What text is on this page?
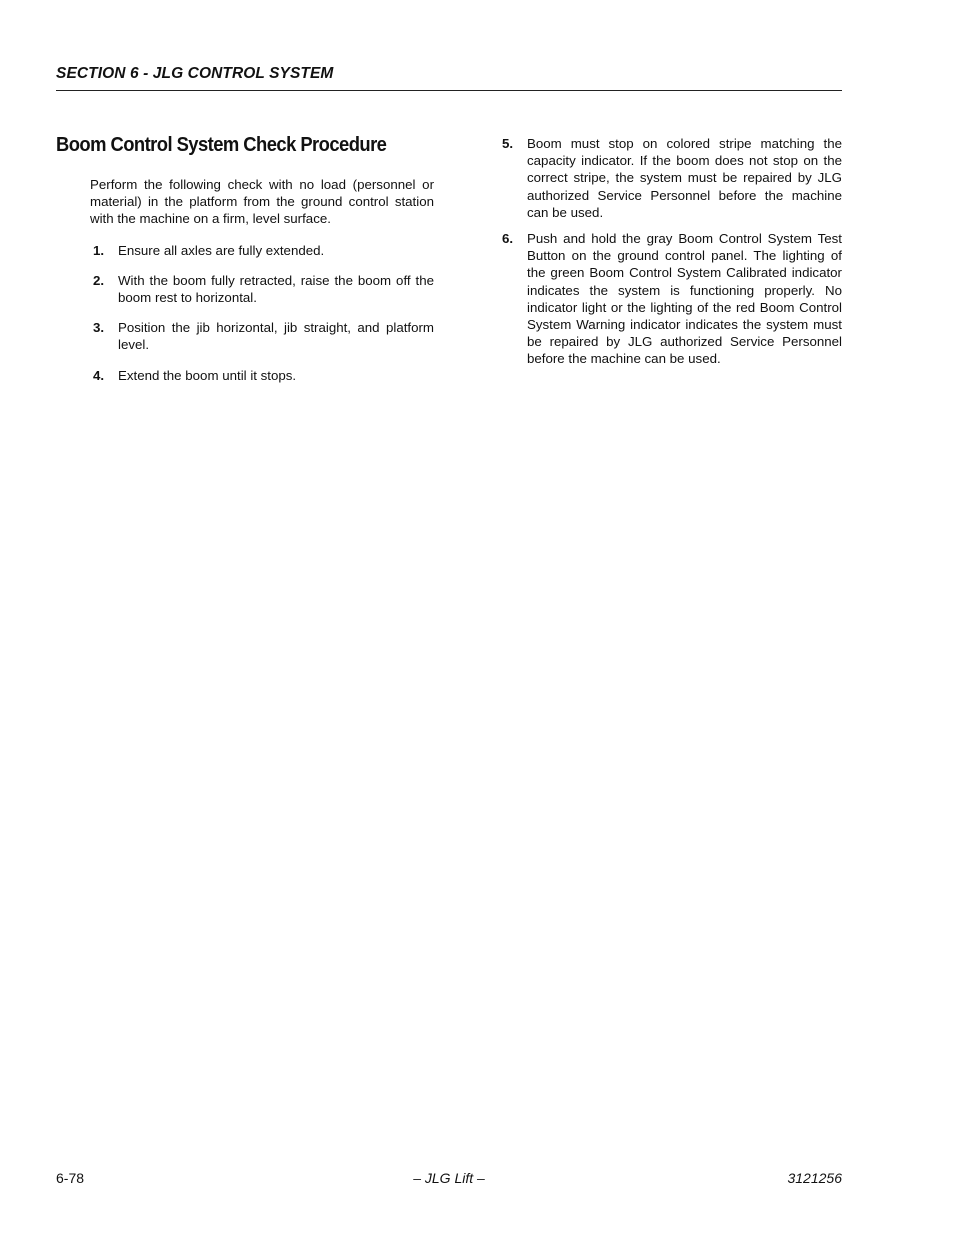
SECTION 6 - JLG CONTROL SYSTEM
Boom Control System Check Procedure
Perform the following check with no load (personnel or material) in the platform from the ground control station with the machine on a firm, level surface.
1.	Ensure all axles are fully extended.
2.	With the boom fully retracted, raise the boom off the boom rest to horizontal.
3.	Position the jib horizontal, jib straight, and platform level.
4.	Extend the boom until it stops.
5.	Boom must stop on colored stripe matching the capacity indicator. If the boom does not stop on the correct stripe, the system must be repaired by JLG authorized Service Personnel before the machine can be used.
6.	Push and hold the gray Boom Control System Test Button on the ground control panel. The lighting of the green Boom Control System Calibrated indicator indicates the system is functioning properly. No indicator light or the lighting of the red Boom Control System Warning indicator indicates the system must be repaired by JLG authorized Service Personnel before the machine can be used.
6-78	– JLG Lift –	3121256
